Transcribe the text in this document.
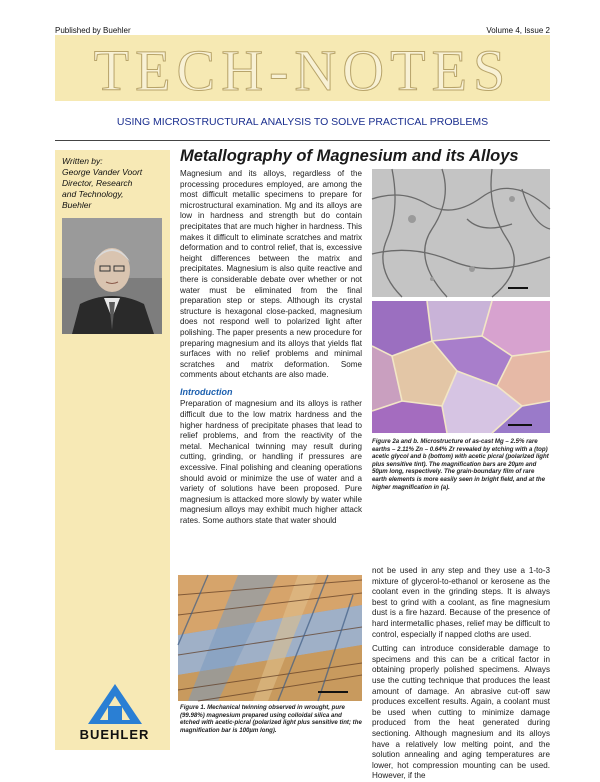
Published by Buehler	Volume 4, Issue 2
TECH-NOTES
USING MICROSTRUCTURAL ANALYSIS TO SOLVE PRACTICAL PROBLEMS
Written by:
George Vander Voort
Director, Research
and Technology,
Buehler
BUEHLER
Metallography of Magnesium and its Alloys

Magnesium and its alloys, regardless of the processing procedures employed, are among the most difficult metallic specimens to prepare for microstructural examination. Mg and its alloys are low in hardness and strength but do contain precipitates that are much higher in hardness. This makes it difficult to eliminate scratches and matrix deformation and to control relief, that is, excessive height differences between the matrix and precipitates. Magnesium is also quite reactive and there is considerable debate over whether or not water must be eliminated from the final preparation step or steps. Although its crystal structure is hexagonal close-packed, magnesium does not respond well to polarized light after polishing. The paper presents a new procedure for preparing magnesium and its alloys that yields flat surfaces with no relief problems and minimal scratches and matrix deformation. Some comments about etchants are also made.

Introduction

Preparation of magnesium and its alloys is rather difficult due to the low matrix hardness and the higher hardness of precipitate phases that lead to relief problems, and from the reactivity of the metal. Mechanical twinning may result during cutting, grinding, or handling if pressures are excessive. Final polishing and cleaning operations should avoid or minimize the use of water and a variety of solutions have been proposed. Pure magnesium is attacked more slowly by water while magnesium alloys may exhibit much higher attack rates. Some authors state that water should

Figure 2a and b. Microstructure of as-cast Mg – 2.5% rare earths – 2.11% Zn – 0.64% Zr revealed by etching with a (top) acetic glycol and b (bottom) with acetic picral (polarized light plus sensitive tint). The magnification bars are 20µm and 50µm long, respectively. The grain-boundary film of rare earth elements is more easily seen in bright field, and at the higher magnification in (a).
Figure 1. Mechanical twinning observed in wrought, pure (99.98%) magnesium prepared using colloidal silica and etched with acetic-picral (polarized light plus sensitive tint; the magnification bar is 100µm long).

not be used in any step and they use a 1-to-3 mixture of glycerol-to-ethanol or kerosene as the coolant even in the grinding steps. It is always best to grind with a coolant, as fine magnesium dust is a fire hazard. Because of the presence of hard intermetallic phases, relief may be difficult to control, especially if napped cloths are used.

Cutting can introduce considerable damage to specimens and this can be a critical factor in obtaining properly polished specimens. Always use the cutting technique that produces the least amount of damage. An abrasive cut-off saw produces excellent results. Again, a coolant must be used when cutting to minimize damage produced from the heat generated during sectioning. Although magnesium and its alloys have a relatively low melting point, and the solution annealing and aging temperatures are lower, hot compression mounting can be used. However, if the
